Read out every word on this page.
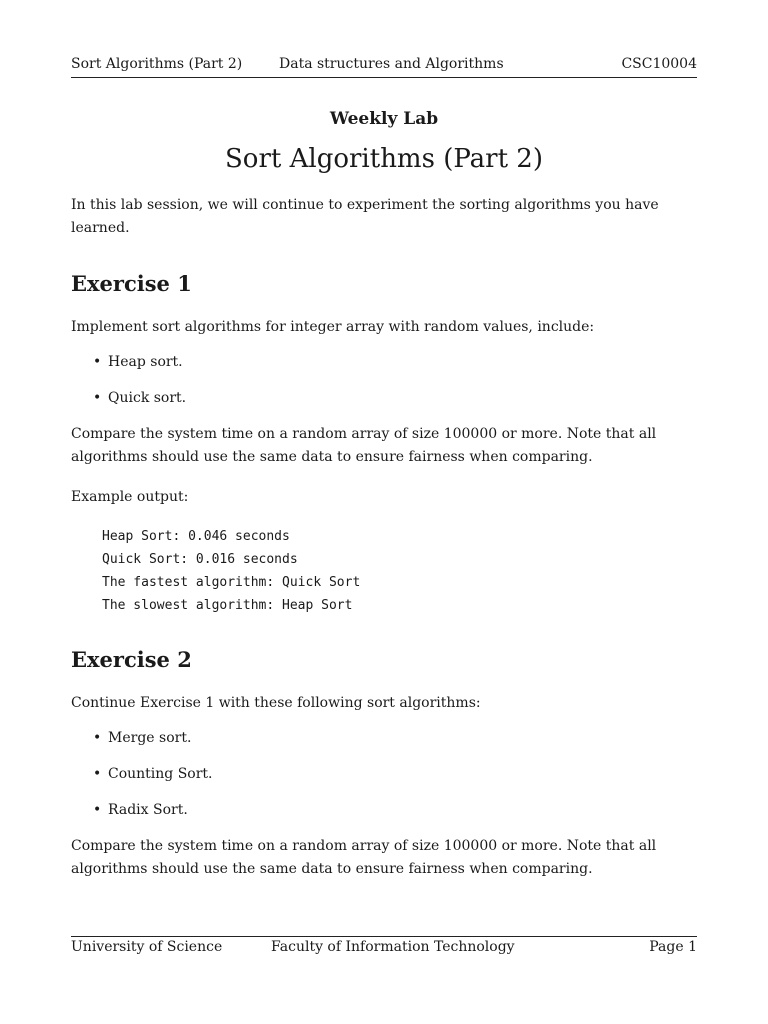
Sort Algorithms (Part 2)	Data structures and Algorithms	CSC10004
Weekly Lab
Sort Algorithms (Part 2)

In this lab session, we will continue to experiment the sorting algorithms you have learned.

Exercise 1

Implement sort algorithms for integer array with random values, include:

• Heap sort.
• Quick sort.

Compare the system time on a random array of size 100000 or more. Note that all algorithms should use the same data to ensure fairness when comparing.

Example output:

Heap Sort: 0.046 seconds
Quick Sort: 0.016 seconds
The fastest algorithm: Quick Sort
The slowest algorithm: Heap Sort
Exercise 2

Continue Exercise 1 with these following sort algorithms:

• Merge sort.
• Counting Sort.
• Radix Sort.

Compare the system time on a random array of size 100000 or more. Note that all algorithms should use the same data to ensure fairness when comparing.

University of Science	Faculty of Information Technology	Page 1
